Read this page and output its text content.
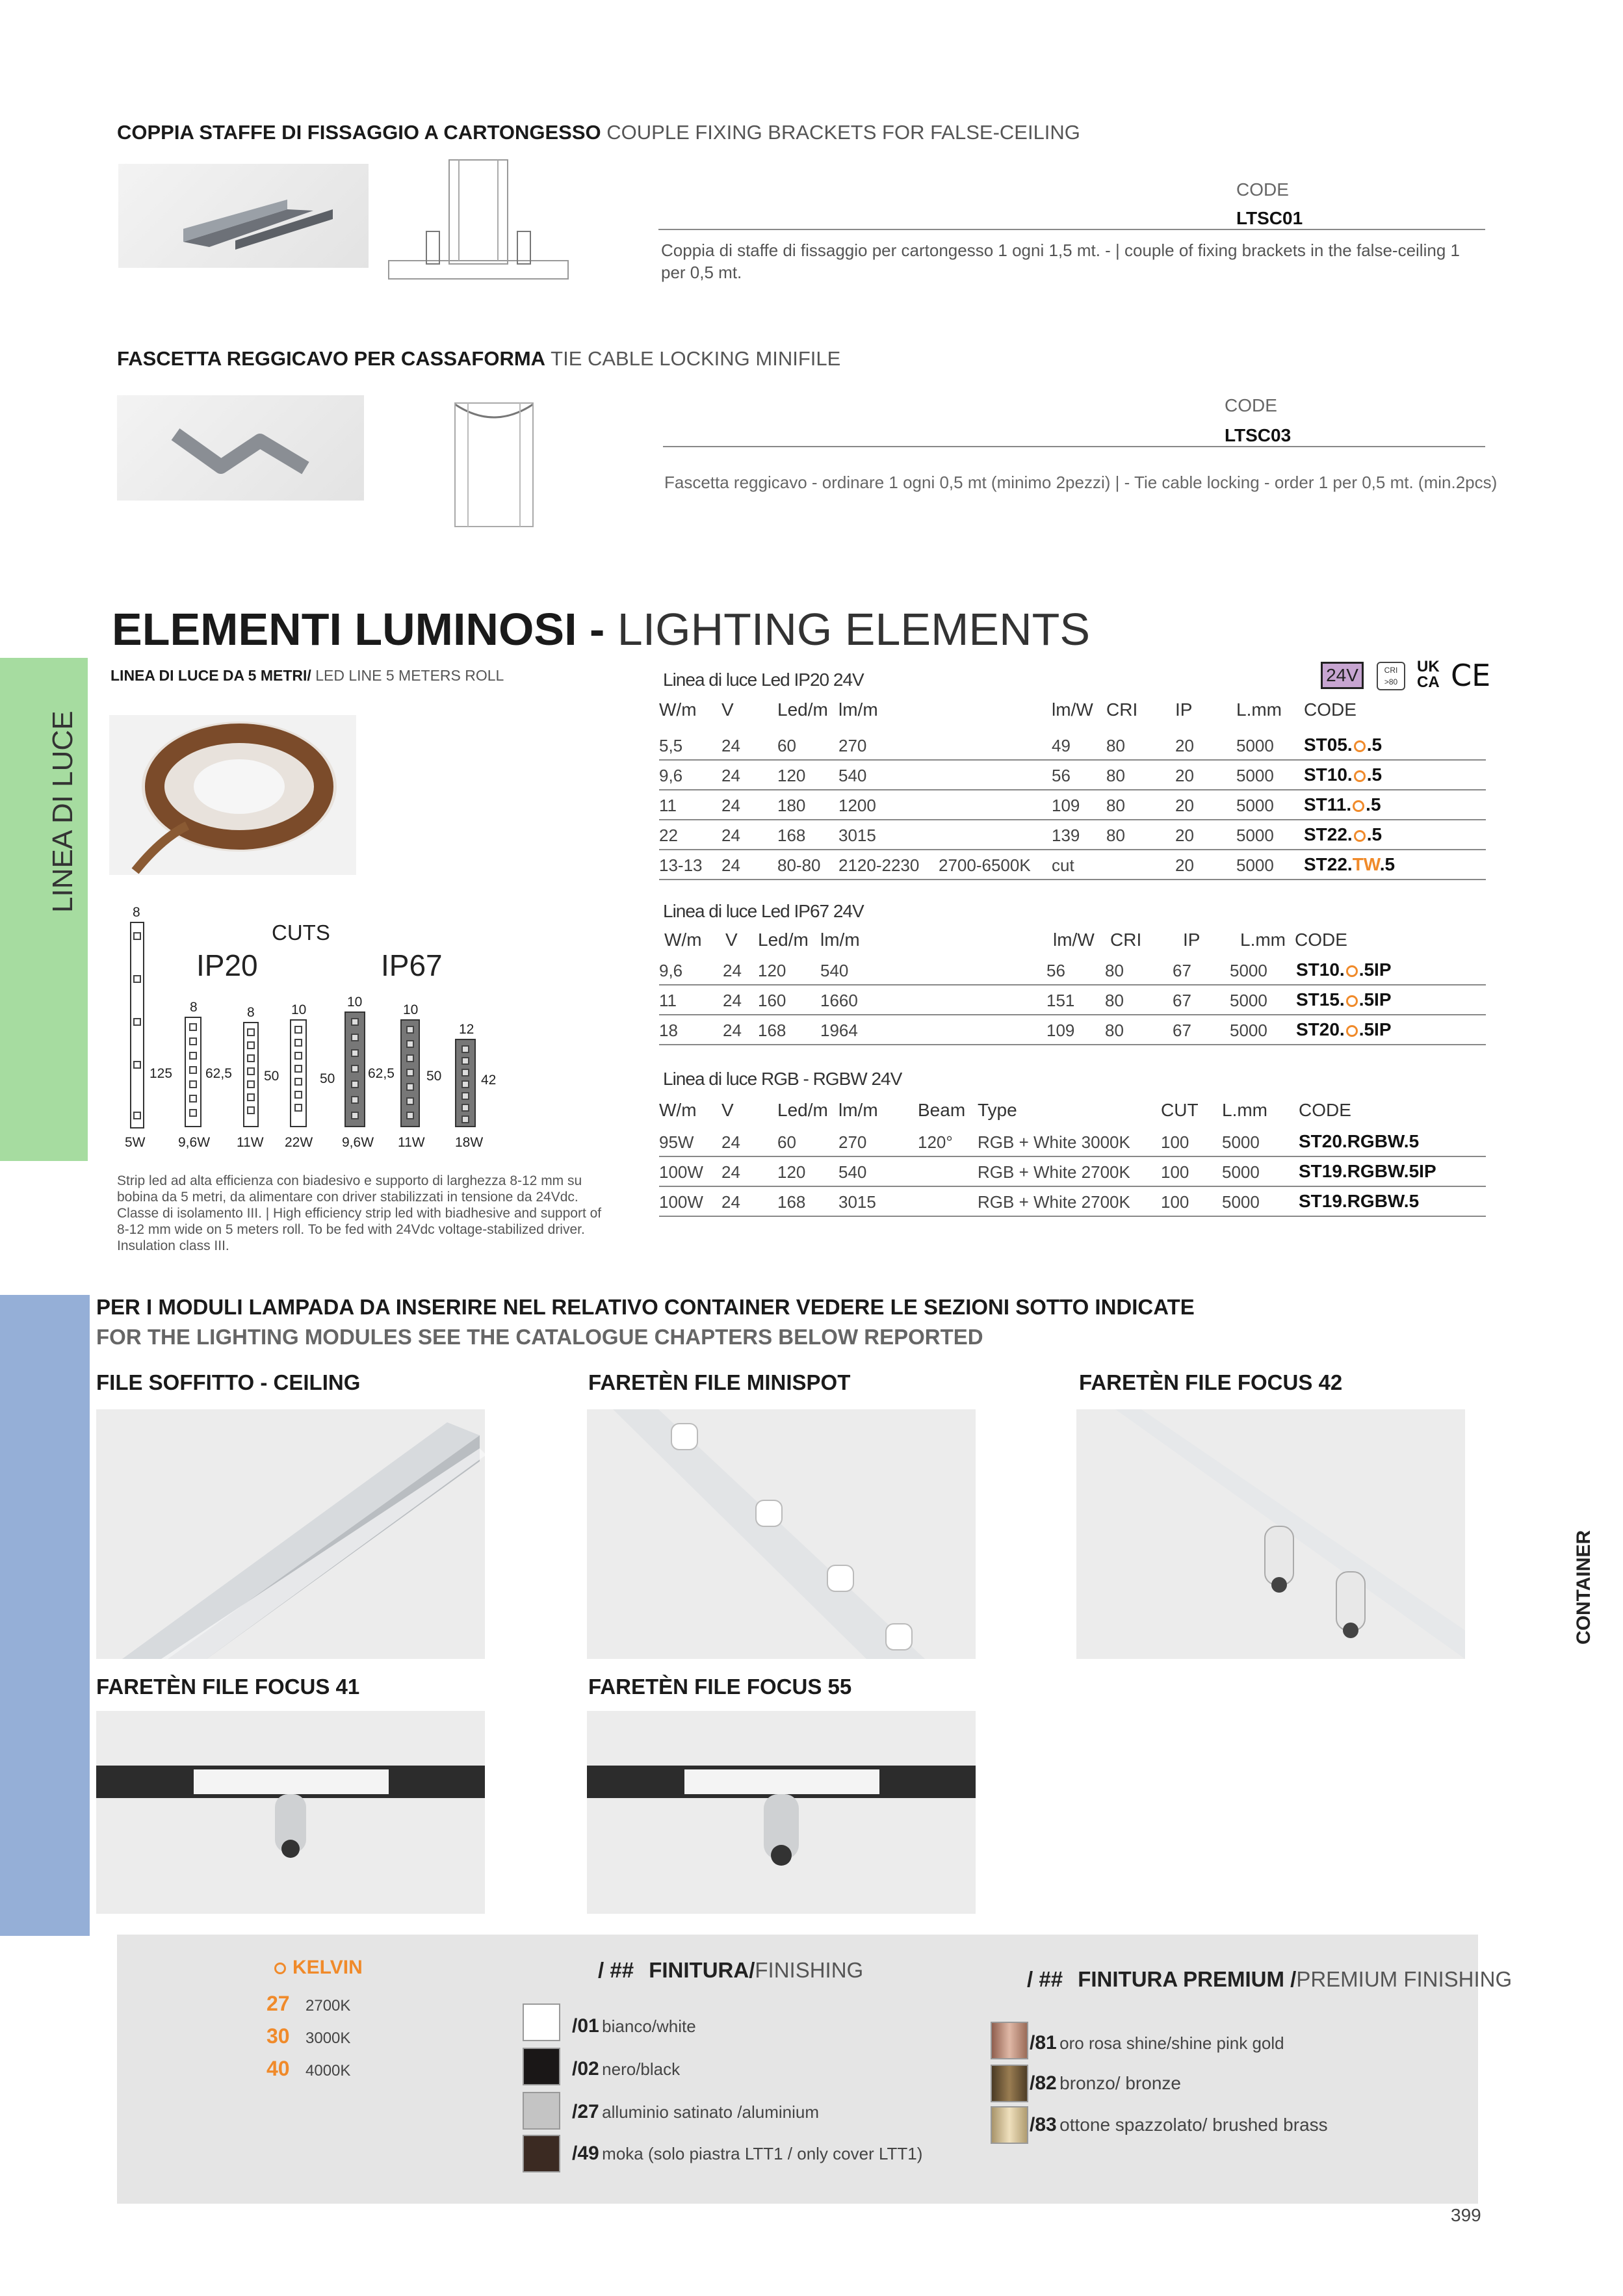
COPPIA STAFFE DI FISSAGGIO A CARTONGESSO COUPLE FIXING BRACKETS FOR FALSE-CEILING
CODE
LTSC01
Coppia di staffe di fissaggio per cartongesso 1 ogni 1,5 mt. - | couple of fixing brackets in the false-ceiling 1 per 0,5 mt.
FASCETTA REGGICAVO PER CASSAFORMA TIE CABLE LOCKING MINIFILE
CODE
LTSC03
Fascetta reggicavo - ordinare 1 ogni 0,5 mt (minimo 2pezzi) | - Tie cable locking - order 1 per 0,5 mt. (min.2pcs)
LINEA DI LUCE
ELEMENTI LUMINOSI - LIGHTING ELEMENTS
LINEA DI LUCE DA 5 METRI/ LED LINE 5 METERS ROLL	24V	CRI
>80
UK
CA CE
CUTS
IP20	IP67
8
125
5W
8
62,5
9,6W
8
50
11W
10
50
22W
10
62,5
9,6W
10
50
11W
12
42
18W
Strip led ad alta efficienza con biadesivo e supporto di larghezza 8-12 mm su bobina da 5 metri, da alimentare con driver stabilizzati in tensione da 24Vdc. Classe di isolamento III. | High efficiency strip led with biadhesive and support of 8-12 mm wide on 5 meters roll. To be fed with 24Vdc voltage-stabilized driver. Insulation class III.
Linea di luce Led IP20 24V
W/m V Led/m lm/m	lm/W CRI IP L.mm CODE
5,5 24 60	270	49 80	20	5000 ST05. .5
9,6 24 120 540	56 80	20	5000 ST10. .5
11	24 180 1200	109 80	20	5000 ST11. .5
22	24 168 3015	139 80	20	5000 ST22. .5
13-13 24 80-80 2120-2230 2700-6500K cut	20	5000 ST22.TW.5
Linea di luce Led IP67 24V
W/m V Led/m lm/m	lm/W CRI IP L.mm CODE
9,6 24 120 540	56 80	67 5000 ST10. .5IP
11	24 160 1660	151 80	67 5000 ST15. .5IP
18	24 168 1964	109 80	67 5000 ST20. .5IP
Linea di luce RGB - RGBW 24V
W/m V Led/m lm/m Beam Type	CUT L.mm CODE
95W 24 60	270	120° RGB + White 3000K 100 5000 ST20.RGBW.5
100W 24 120 540	RGB + White 2700K 100 5000 ST19.RGBW.5IP
100W 24 168 3015	RGB + White 2700K 100 5000 ST19.RGBW.5
PER I MODULI LAMPADA DA INSERIRE NEL RELATIVO CONTAINER VEDERE LE SEZIONI SOTTO INDICATE
FOR THE LIGHTING MODULES SEE THE CATALOGUE CHAPTERS BELOW REPORTED
FILE SOFFITTO - CEILING	FARETÈN FILE MINISPOT	FARETÈN FILE FOCUS 42
FARETÈN FILE FOCUS 41	FARETÈN FILE FOCUS 55
CONTAINER
KELVIN
27 2700K
30 3000K
40 4000K
/ ## FINITURA/FINISHING
/01 bianco/white
/02 nero/black
/27 alluminio satinato /aluminium
/49 moka (solo piastra LTT1 / only cover LTT1)
/ ## FINITURA PREMIUM /PREMIUM FINISHING
/81 oro rosa shine/shine pink gold
/82 bronzo/ bronze
/83 ottone spazzolato/ brushed brass
399
